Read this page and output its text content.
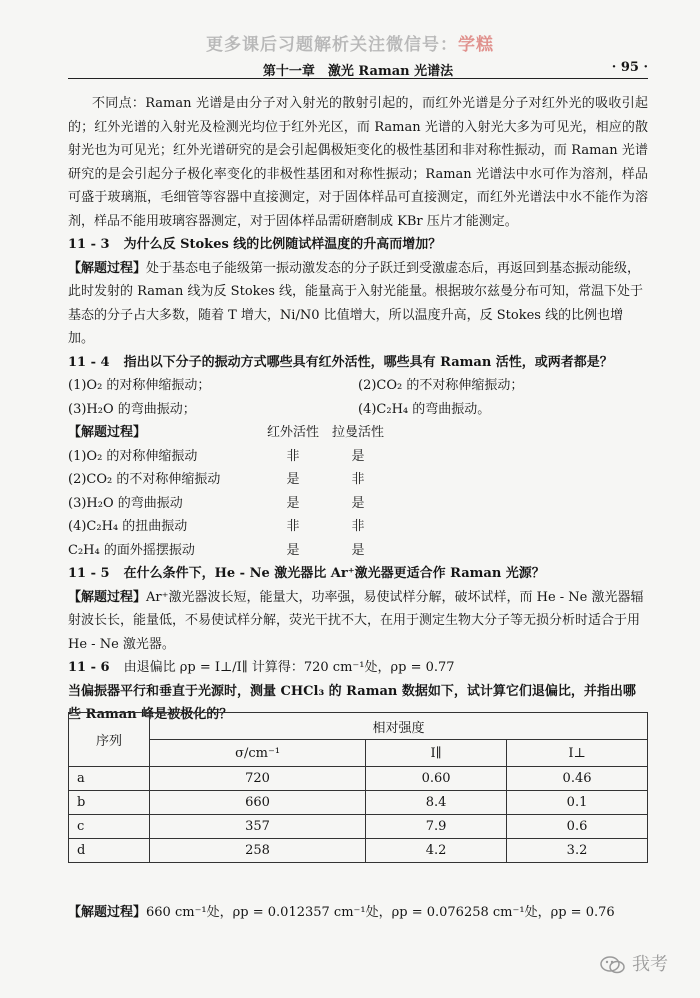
更多课后习题解析关注微信号：学糕
第十一章　激光 Raman 光谱法	· 95 ·

不同点：Raman 光谱是由分子对入射光的散射引起的，而红外光谱是分子对红外光的吸收引起的；红外光谱的入射光及检测光均位于红外光区，而 Raman 光谱的入射光大多为可见光，相应的散射光也为可见光；红外光谱研究的是会引起偶极矩变化的极性基团和非对称性振动，而 Raman 光谱研究的是会引起分子极化率变化的非极性基团和对称性振动；Raman 光谱法中水可作为溶剂，样品可盛于玻璃瓶，毛细管等容器中直接测定，对于固体样品可直接测定，而红外光谱法中水不能作为溶剂，样品不能用玻璃容器测定，对于固体样品需研磨制成 KBr 压片才能测定。

11 - 3 为什么反 Stokes 线的比例随试样温度的升高而增加？

【解题过程】处于基态电子能级第一振动激发态的分子跃迁到受激虚态后，再返回到基态振动能级，此时发射的 Raman 线为反 Stokes 线，能量高于入射光能量。根据玻尔兹曼分布可知，常温下处于基态的分子占大多数，随着 T 增大，Ni/N0 比值增大，所以温度升高，反 Stokes 线的比例也增加。

11 - 4 指出以下分子的振动方式哪些具有红外活性，哪些具有 Raman 活性，或两者都是？

(1)O₂ 的对称伸缩振动；	(2)CO₂ 的不对称伸缩振动；
(3)H₂O 的弯曲振动；	(4)C₂H₄ 的弯曲振动。
【解题过程】	红外活性 拉曼活性
(1)O₂ 的对称伸缩振动	非	是
(2)CO₂ 的不对称伸缩振动	是	非
(3)H₂O 的弯曲振动	是	是
(4)C₂H₄ 的扭曲振动	非	非
C₂H₄ 的面外摇摆振动	是	是

11 - 5 在什么条件下，He - Ne 激光器比 Ar⁺激光器更适合作 Raman 光源？

【解题过程】Ar⁺激光器波长短，能量大，功率强，易使试样分解，破坏试样，而 He - Ne 激光器辐射波长长，能量低，不易使试样分解，荧光干扰不大，在用于测定生物大分子等无损分析时适合于用 He - Ne 激光器。

11 - 6 由退偏比 ρp = I⊥/I∥ 计算得：720 cm⁻¹处，ρp = 0.77

当偏振器平行和垂直于光源时，测量 CHCl₃ 的 Raman 数据如下，试计算它们退偏比，并指出哪些 Raman 峰是被极化的？

序列	相对强度		
	σ/cm⁻¹	I∥	I⊥
a	720	0.60	0.46
b	660	8.4	0.1
c	357	7.9	0.6
d	258	4.2	3.2

【解题过程】660 cm⁻¹处，ρp = 0.012357 cm⁻¹处，ρp = 0.076258 cm⁻¹处，ρp = 0.76

我考
